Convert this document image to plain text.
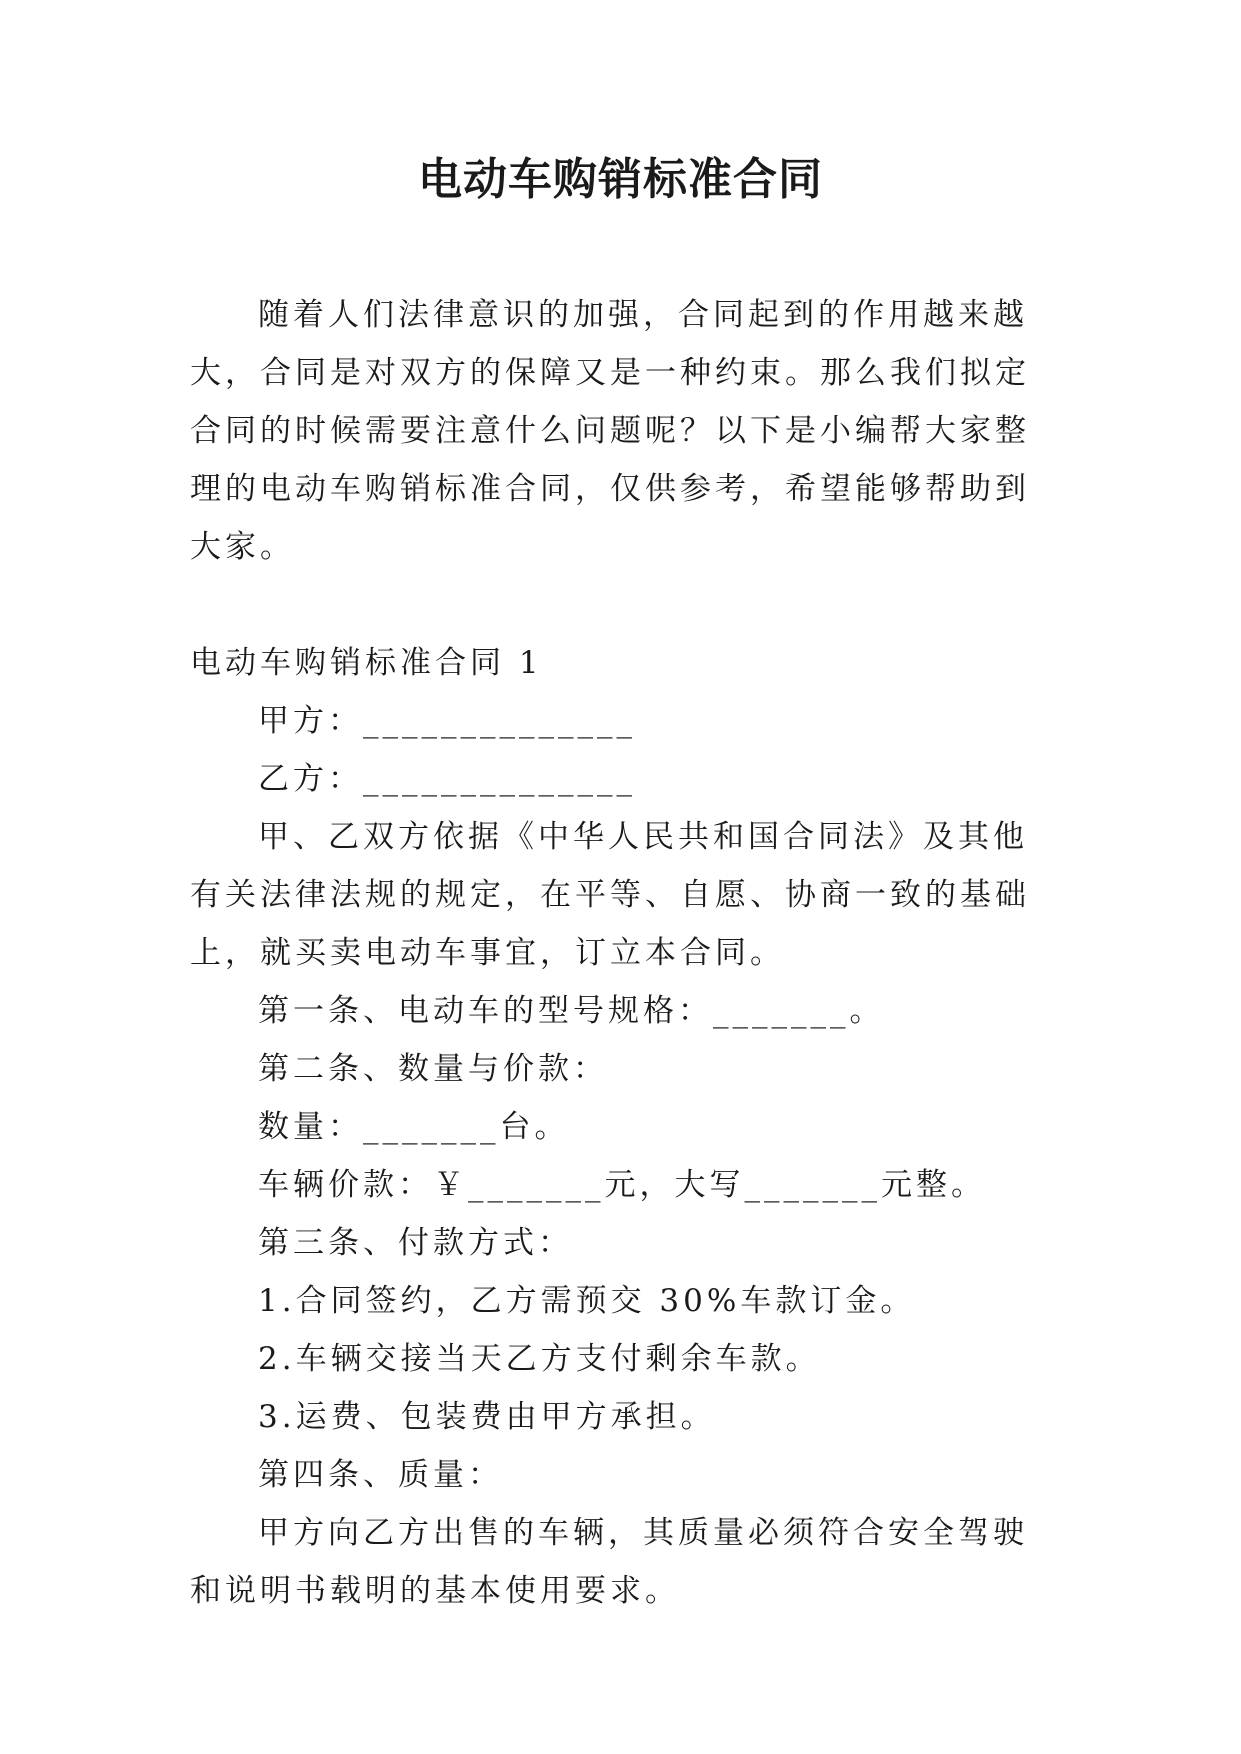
电动车购销标准合同

随着人们法律意识的加强，合同起到的作用越来越大，合同是对双方的保障又是一种约束。那么我们拟定合同的时候需要注意什么问题呢？以下是小编帮大家整理的电动车购销标准合同，仅供参考，希望能够帮助到大家。

电动车购销标准合同 1

甲方：______________

乙方：______________

甲、乙双方依据《中华人民共和国合同法》及其他有关法律法规的规定，在平等、自愿、协商一致的基础上，就买卖电动车事宜，订立本合同。

第一条、电动车的型号规格：_______。

第二条、数量与价款：

数量：_______台。

车辆价款：￥_______元，大写_______元整。

第三条、付款方式：

1.合同签约，乙方需预交 30%车款订金。

2.车辆交接当天乙方支付剩余车款。

3.运费、包装费由甲方承担。

第四条、质量：

甲方向乙方出售的车辆，其质量必须符合安全驾驶和说明书载明的基本使用要求。
